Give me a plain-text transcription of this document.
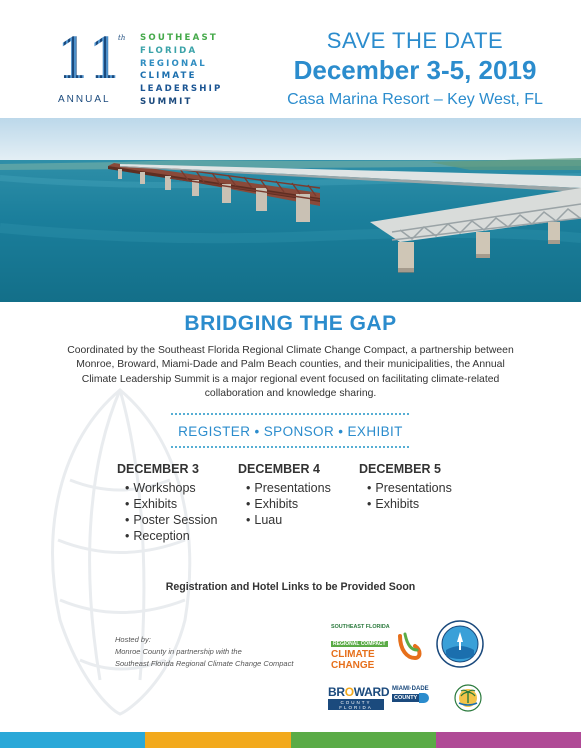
11
th
ANNUAL
SOUTHEAST
FLORIDA
REGIONAL
CLIMATE
LEADERSHIP
SUMMIT
SAVE THE DATE
December 3-5, 2019
Casa Marina Resort – Key West, FL
BRIDGING THE GAP
Coordinated by the Southeast Florida Regional Climate Change Compact, a partnership between Monroe, Broward, Miami-Dade and Palm Beach counties, and their municipalities, the Annual Climate Leadership Summit is a major regional event focused on facilitating climate-related collaboration and knowledge sharing.
REGISTER • SPONSOR • EXHIBIT
DECEMBER 3
• Workshops
• Exhibits
• Poster Session
• Reception
DECEMBER 4
• Presentations
• Exhibits
• Luau
DECEMBER 5
• Presentations
• Exhibits
Registration and Hotel Links to be Provided Soon
Hosted by:
Monroe County in partnership with the
Southeast Florida Regional Climate Change Compact
SOUTHEAST FLORIDA
REGIONAL COMPACT
CLIMATE
CHANGE
BROWARD
COUNTY FLORIDA
MIAMI·DADE
COUNTY
